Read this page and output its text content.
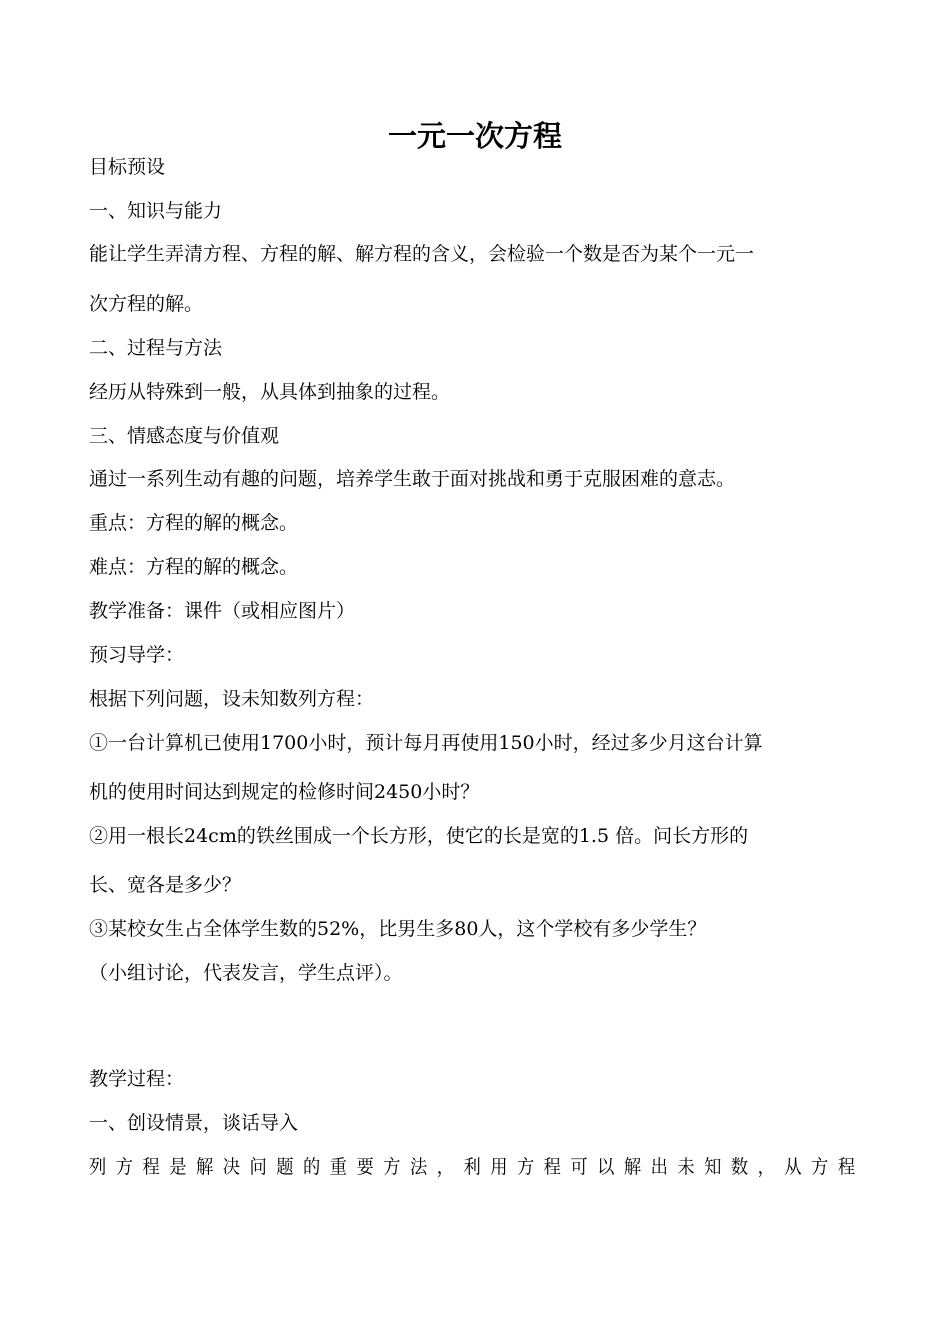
一元一次方程
目标预设
一、知识与能力
能让学生弄清方程、方程的解、解方程的含义，会检验一个数是否为某个一元一
次方程的解。
二、过程与方法
经历从特殊到一般，从具体到抽象的过程。
三、情感态度与价值观
通过一系列生动有趣的问题，培养学生敢于面对挑战和勇于克服困难的意志。
重点：方程的解的概念。
难点：方程的解的概念。
教学准备：课件（或相应图片）
预习导学：
根据下列问题，设未知数列方程：
①一台计算机已使用1700小时，预计每月再使用150小时，经过多少月这台计算
机的使用时间达到规定的检修时间2450小时？
②用一根长24cm的铁丝围成一个长方形，使它的长是宽的1.5 倍。问长方形的
长、宽各是多少？
③某校女生占全体学生数的52%，比男生多80人，这个学校有多少学生？
（小组讨论，代表发言，学生点评）。
教学过程：
一、创设情景，谈话导入
列方程是解决问题的重要方法，利用方程可以解出未知数，从方程
